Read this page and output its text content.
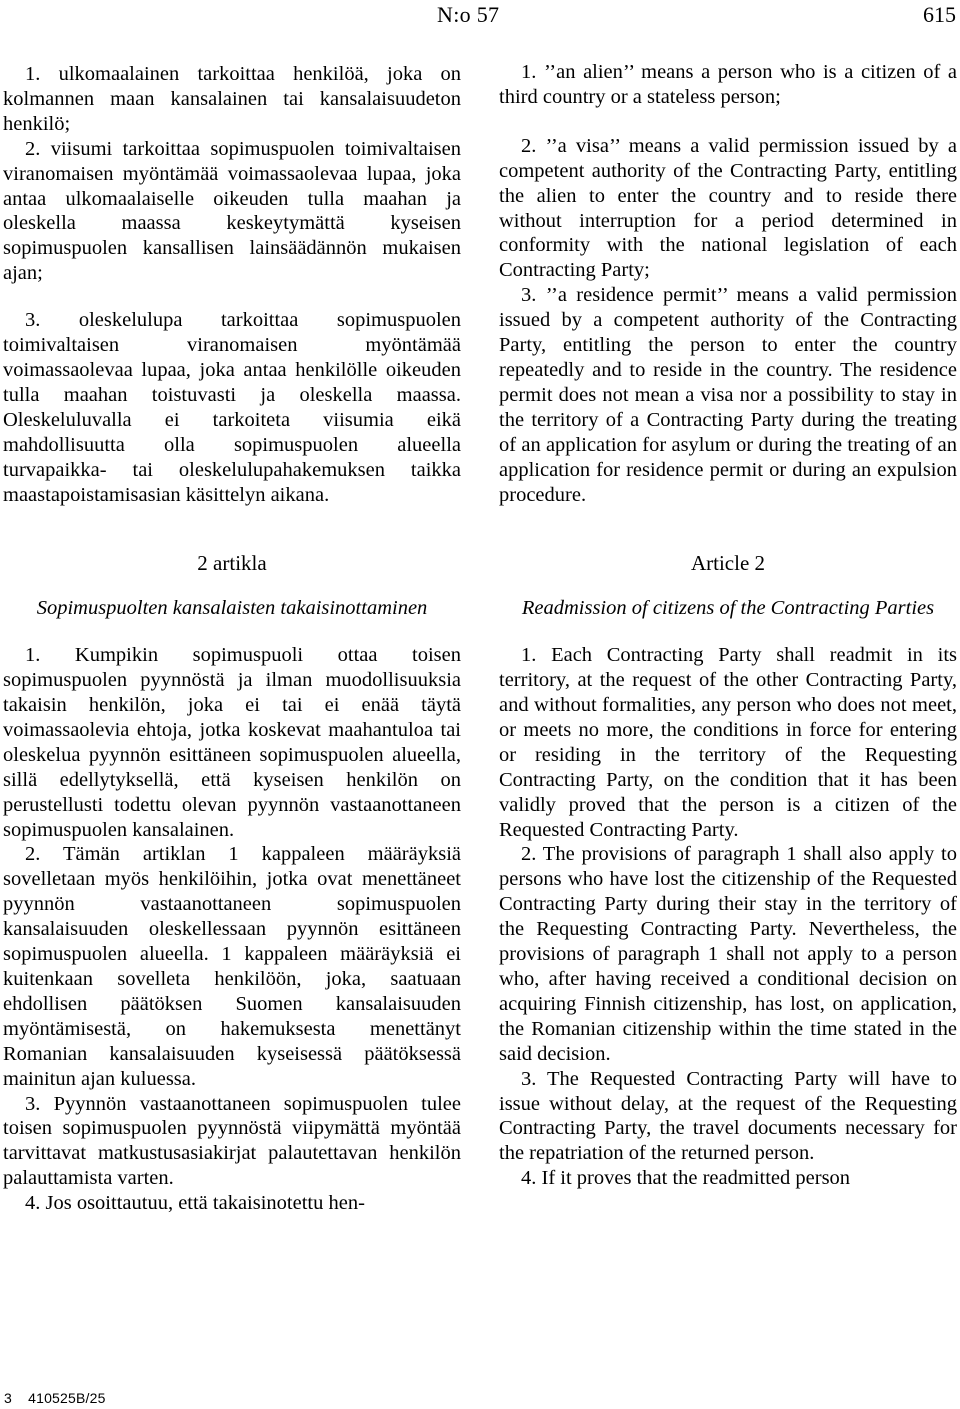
N:o 57	615

1. ulkomaalainen tarkoittaa henkilöä, joka on kolmannen maan kansalainen tai kansalaisuudeton henkilö;

2. viisumi tarkoittaa sopimuspuolen toimivaltaisen viranomaisen myöntämää voimassaolevaa lupaa, joka antaa ulkomaalaiselle oikeuden tulla maahan ja oleskella maassa keskeytymättä kyseisen sopimuspuolen kansallisen lainsäädännön mukaisen ajan;

3. oleskelulupa tarkoittaa sopimuspuolen toimivaltaisen viranomaisen myöntämää voimassaolevaa lupaa, joka antaa henkilölle oikeuden tulla maahan toistuvasti ja oleskella maassa. Oleskeluluvalla ei tarkoiteta viisumia eikä mahdollisuutta olla sopimuspuolen alueella turvapaikka- tai oleskelulupahakemuksen taikka maastapoistamisasian käsittelyn aikana.

2 artikla

Sopimuspuolten kansalaisten takaisinottaminen

1. Kumpikin sopimuspuoli ottaa toisen sopimuspuolen pyynnöstä ja ilman muodollisuuksia takaisin henkilön, joka ei tai ei enää täytä voimassaolevia ehtoja, jotka koskevat maahantuloa tai oleskelua pyynnön esittäneen sopimuspuolen alueella, sillä edellytyksellä, että kyseisen henkilön on perustellusti todettu olevan pyynnön vastaanottaneen sopimuspuolen kansalainen.

2. Tämän artiklan 1 kappaleen määräyksiä sovelletaan myös henkilöihin, jotka ovat menettäneet pyynnön vastaanottaneen sopimuspuolen kansalaisuuden oleskellessaan pyynnön esittäneen sopimuspuolen alueella. 1 kappaleen määräyksiä ei kuitenkaan sovelleta henkilöön, joka, saatuaan ehdollisen päätöksen Suomen kansalaisuuden myöntämisestä, on hakemuksesta menettänyt Romanian kansalaisuuden kyseisessä päätöksessä mainitun ajan kuluessa.

3. Pyynnön vastaanottaneen sopimuspuolen tulee toisen sopimuspuolen pyynnöstä viipymättä myöntää tarvittavat matkustusasiakirjat palautettavan henkilön palauttamista varten.

4. Jos osoittautuu, että takaisinotettu hen-

1. ’’an alien’’ means a person who is a citizen of a third country or a stateless person;

2. ’’a visa’’ means a valid permission issued by a competent authority of the Contracting Party, entitling the alien to enter the country and to reside there without interruption for a period determined in conformity with the national legislation of each Contracting Party;

3. ’’a residence permit’’ means a valid permission issued by a competent authority of the Contracting Party, entitling the person to enter the country repeatedly and to reside in the country. The residence permit does not mean a visa nor a possibility to stay in the territory of a Contracting Party during the treating of an application for asylum or during the treating of an application for residence permit or during an expulsion procedure.

Article 2

Readmission of citizens of the Contracting Parties

1. Each Contracting Party shall readmit in its territory, at the request of the other Contracting Party, and without formalities, any person who does not meet, or meets no more, the conditions in force for entering or residing in the territory of the Requesting Contracting Party, on the condition that it has been validly proved that the person is a citizen of the Requested Contracting Party.

2. The provisions of paragraph 1 shall also apply to persons who have lost the citizenship of the Requested Contracting Party during their stay in the territory of the Requesting Contracting Party. Nevertheless, the provisions of paragraph 1 shall not apply to a person who, after having received a conditional decision on acquiring Finnish citizenship, has lost, on application, the Romanian citizenship within the time stated in the said decision.

3. The Requested Contracting Party will have to issue without delay, at the request of the Requesting Contracting Party, the travel documents necessary for the repatriation of the returned person.

4. If it proves that the readmitted person

3 410525B/25
